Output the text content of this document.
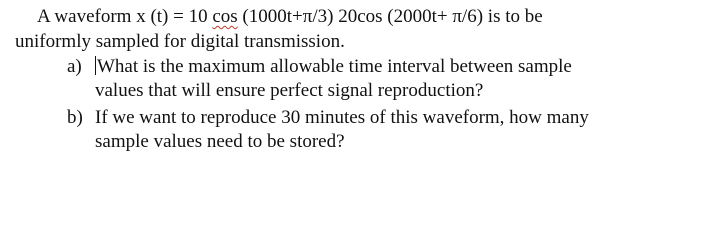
A waveform x (t) = 10 cos (1000t+π/3) 20cos (2000t+ π/6) is to be
uniformly sampled for digital transmission.
a) What is the maximum allowable time interval between sample
values that will ensure perfect signal reproduction?
b) If we want to reproduce 30 minutes of this waveform, how many
sample values need to be stored?
